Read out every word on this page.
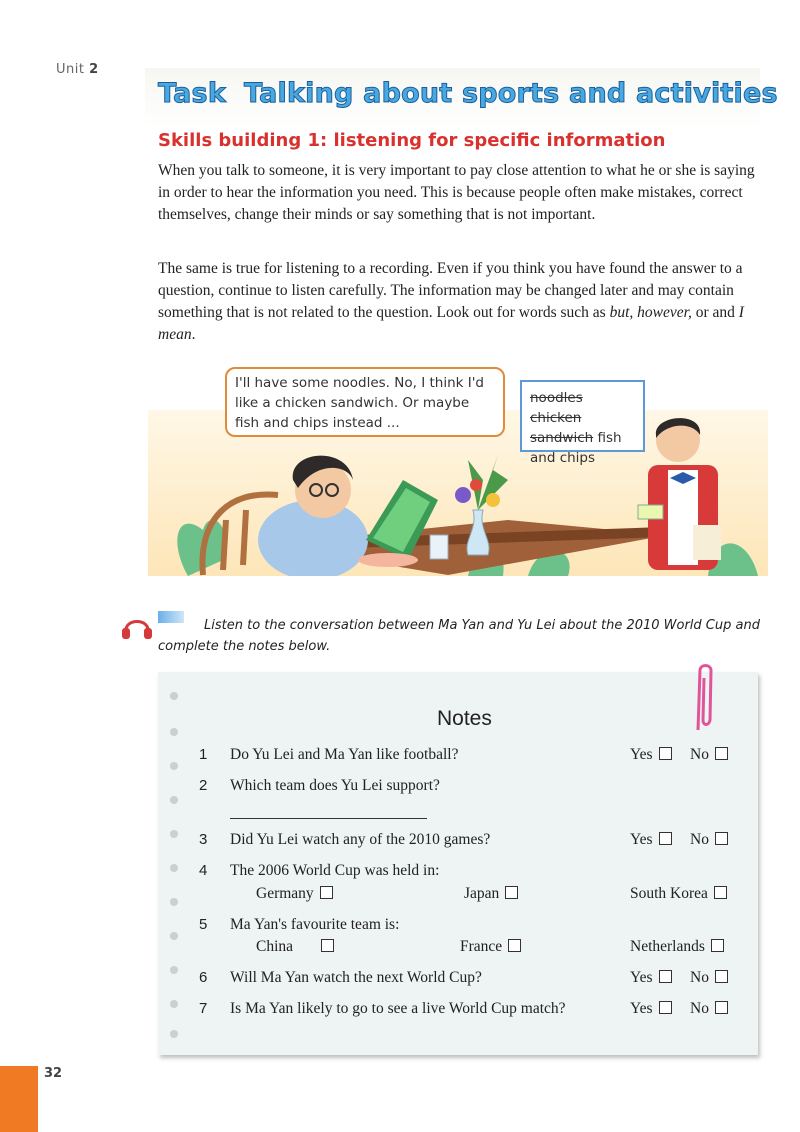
Unit 2
Task Talking about sports and activities
Skills building 1: listening for specific information

When you talk to someone, it is very important to pay close attention to what he or she is saying in order to hear the information you need. This is because people often make mistakes, correct themselves, change their minds or say something that is not important.

The same is true for listening to a recording. Even if you think you have found the answer to a question, continue to listen carefully. The information may be changed later and may contain something that is not related to the question. Look out for words such as but, however, or and I mean.

I'll have some noodles. No, I think I'd like a chicken sandwich. Or maybe fish and chips instead ...
noodles chicken sandwich fish and chips

Listen to the conversation between Ma Yan and Yu Lei about the 2010 World Cup and complete the notes below.

Notes
1 Do Yu Lei and Ma Yan like football?	Yes	No
2 Which team does Yu Lei support?
3 Did Yu Lei watch any of the 2010 games?	Yes	No
4 The 2006 World Cup was held in:
Germany	Japan	South Korea
5 Ma Yan's favourite team is:
China	France	Netherlands
6 Will Ma Yan watch the next World Cup?	Yes	No
7 Is Ma Yan likely to go to see a live World Cup match?	Yes	No
32
